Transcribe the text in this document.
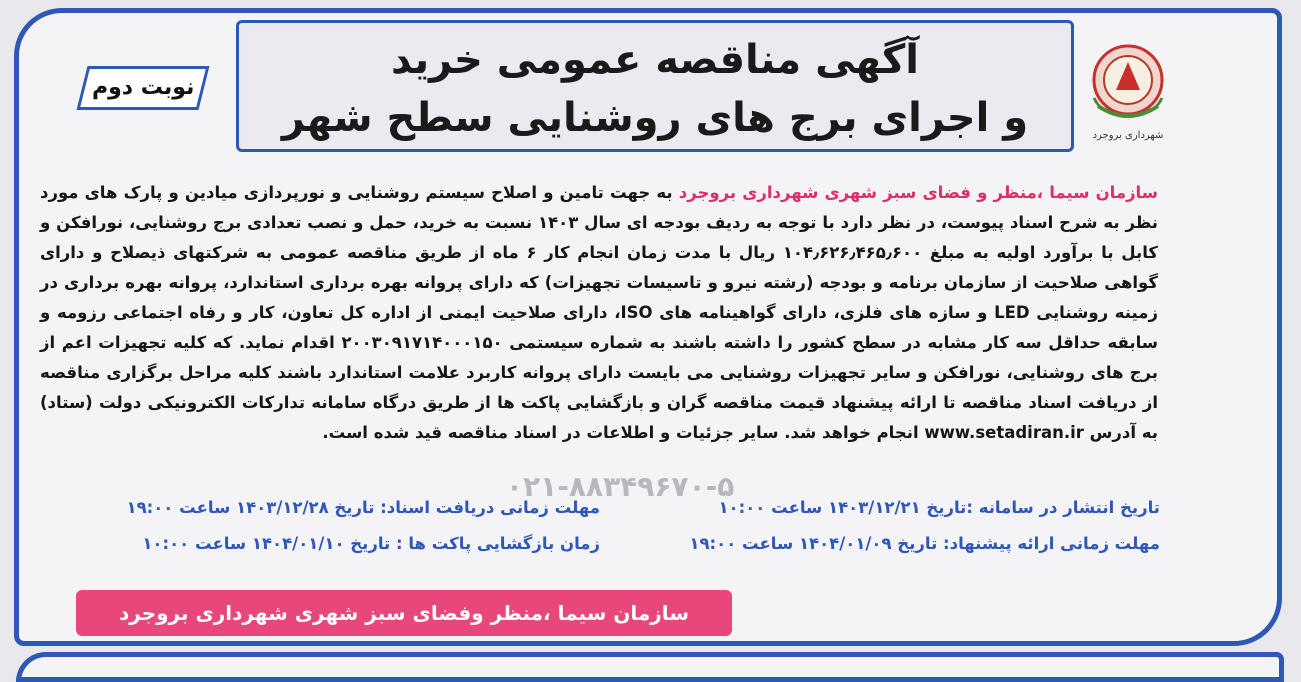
شهرداری بروجرد
آگهی مناقصه عمومی خرید
و اجرای برج های روشنایی سطح شهر
نوبت دوم
۰۲۱-۸۸۳۴۹۶۷۰-۵
سازمان سیما ،منظر و فضای سبز شهری شهرداری بروجرد به جهت تامین و اصلاح سیستم روشنایی و نورپردازی میادین و پارک های مورد نظر به شرح اسناد پیوست، در نظر دارد با توجه به ردیف بودجه ای سال ۱۴۰۳ نسبت به خرید، حمل و نصب تعدادی برج روشنایی، نورافکن و کابل با برآورد اولیه به مبلغ ۱۰۴٫۶۲۶٫۴۶۵٫۶۰۰ ریال با مدت زمان انجام کار ۶ ماه از طریق مناقصه عمومی به شرکتهای ذیصلاح و دارای گواهی صلاحیت از سازمان برنامه و بودجه (رشته نیرو و تاسیسات تجهیزات) که دارای پروانه بهره برداری استاندارد، پروانه بهره برداری در زمینه روشنایی LED و سازه های فلزی، دارای گواهینامه های ISO، دارای صلاحیت ایمنی از اداره کل تعاون، کار و رفاه اجتماعی رزومه و سابقه حداقل سه کار مشابه در سطح کشور را داشته باشند به شماره سیستمی ۲۰۰۳۰۹۱۷۱۴۰۰۰۱۵۰ اقدام نماید. که کلیه تجهیزات اعم از برج های روشنایی، نورافکن و سایر تجهیزات روشنایی می بایست دارای پروانه کاربرد علامت استاندارد باشند کلیه مراحل برگزاری مناقصه از دریافت اسناد مناقصه تا ارائه پیشنهاد قیمت مناقصه گران و بازگشایی پاکت ها از طریق درگاه سامانه تدارکات الکترونیکی دولت (ستاد) به آدرس www.setadiran.ir انجام خواهد شد. سایر جزئیات و اطلاعات در اسناد مناقصه قید شده است.
تاریخ انتشار در سامانه :تاریخ ۱۴۰۳/۱۲/۲۱ ساعت ۱۰:۰۰
مهلت زمانی دریافت اسناد: تاریخ ۱۴۰۳/۱۲/۲۸ ساعت ۱۹:۰۰
مهلت زمانی ارائه پیشنهاد: تاریخ ۱۴۰۴/۰۱/۰۹ ساعت ۱۹:۰۰
زمان بازگشایی پاکت ها : تاریخ ۱۴۰۴/۰۱/۱۰ ساعت ۱۰:۰۰
سازمان سیما ،منظر وفضای سبز شهری شهرداری بروجرد
